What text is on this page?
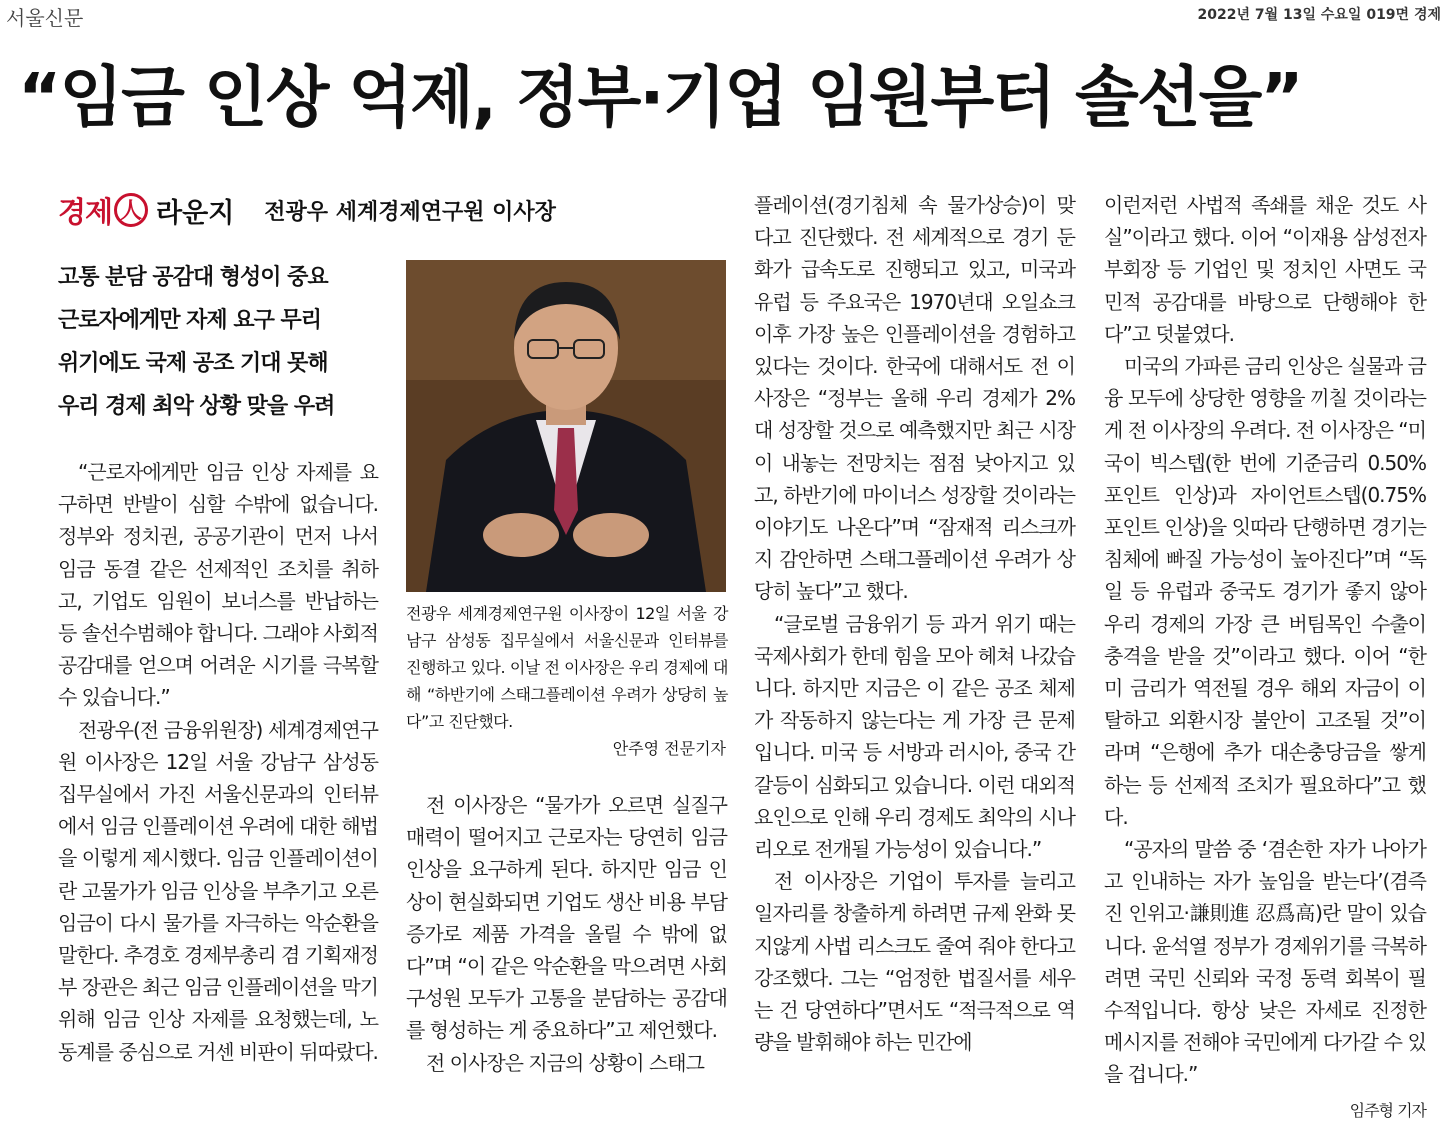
서울신문	2022년 7월 13일 수요일 019면 경제
“임금 인상 억제, 정부·기업 임원부터 솔선을”
경제 人 라운지 전광우 세계경제연구원 이사장
고통 분담 공감대 형성이 중요
근로자에게만 자제 요구 무리
위기에도 국제 공조 기대 못해
우리 경제 최악 상황 맞을 우려
전광우 세계경제연구원 이사장이 12일 서울 강남구 삼성동 집무실에서 서울신문과 인터뷰를 진행하고 있다. 이날 전 이사장은 우리 경제에 대해 “하반기에 스태그플레이션 우려가 상당히 높다”고 진단했다.
안주영 전문기자

“근로자에게만 임금 인상 자제를 요구하면 반발이 심할 수밖에 없습니다. 정부와 정치권, 공공기관이 먼저 나서 임금 동결 같은 선제적인 조치를 취하고, 기업도 임원이 보너스를 반납하는 등 솔선수범해야 합니다. 그래야 사회적 공감대를 얻으며 어려운 시기를 극복할 수 있습니다.”

전광우(전 금융위원장) 세계경제연구원 이사장은 12일 서울 강남구 삼성동 집무실에서 가진 서울신문과의 인터뷰에서 임금 인플레이션 우려에 대한 해법을 이렇게 제시했다. 임금 인플레이션이란 고물가가 임금 인상을 부추기고 오른 임금이 다시 물가를 자극하는 악순환을 말한다. 추경호 경제부총리 겸 기획재정부 장관은 최근 임금 인플레이션을 막기 위해 임금 인상 자제를 요청했는데, 노동계를 중심으로 거센 비판이 뒤따랐다.

전 이사장은 “물가가 오르면 실질구매력이 떨어지고 근로자는 당연히 임금 인상을 요구하게 된다. 하지만 임금 인상이 현실화되면 기업도 생산 비용 부담 증가로 제품 가격을 올릴 수 밖에 없다”며 “이 같은 악순환을 막으려면 사회 구성원 모두가 고통을 분담하는 공감대를 형성하는 게 중요하다”고 제언했다.

전 이사장은 지금의 상황이 스태그

플레이션(경기침체 속 물가상승)이 맞다고 진단했다. 전 세계적으로 경기 둔화가 급속도로 진행되고 있고, 미국과 유럽 등 주요국은 1970년대 오일쇼크 이후 가장 높은 인플레이션을 경험하고 있다는 것이다. 한국에 대해서도 전 이사장은 “정부는 올해 우리 경제가 2%대 성장할 것으로 예측했지만 최근 시장이 내놓는 전망치는 점점 낮아지고 있고, 하반기에 마이너스 성장할 것이라는 이야기도 나온다”며 “잠재적 리스크까지 감안하면 스태그플레이션 우려가 상당히 높다”고 했다.

“글로벌 금융위기 등 과거 위기 때는 국제사회가 한데 힘을 모아 헤쳐 나갔습니다. 하지만 지금은 이 같은 공조 체제가 작동하지 않는다는 게 가장 큰 문제입니다. 미국 등 서방과 러시아, 중국 간 갈등이 심화되고 있습니다. 이런 대외적 요인으로 인해 우리 경제도 최악의 시나리오로 전개될 가능성이 있습니다.”

전 이사장은 기업이 투자를 늘리고 일자리를 창출하게 하려면 규제 완화 못지않게 사법 리스크도 줄여 줘야 한다고 강조했다. 그는 “엄정한 법질서를 세우는 건 당연하다”면서도 “적극적으로 역량을 발휘해야 하는 민간에

이런저런 사법적 족쇄를 채운 것도 사실”이라고 했다. 이어 “이재용 삼성전자 부회장 등 기업인 및 정치인 사면도 국민적 공감대를 바탕으로 단행해야 한다”고 덧붙였다.

미국의 가파른 금리 인상은 실물과 금융 모두에 상당한 영향을 끼칠 것이라는 게 전 이사장의 우려다. 전 이사장은 “미국이 빅스텝(한 번에 기준금리 0.50% 포인트 인상)과 자이언트스텝(0.75% 포인트 인상)을 잇따라 단행하면 경기는 침체에 빠질 가능성이 높아진다”며 “독일 등 유럽과 중국도 경기가 좋지 않아 우리 경제의 가장 큰 버팀목인 수출이 충격을 받을 것”이라고 했다. 이어 “한미 금리가 역전될 경우 해외 자금이 이탈하고 외환시장 불안이 고조될 것”이라며 “은행에 추가 대손충당금을 쌓게 하는 등 선제적 조치가 필요하다”고 했다.

“공자의 말씀 중 ‘겸손한 자가 나아가고 인내하는 자가 높임을 받는다’(겸즉진 인위고·謙則進 忍爲高)란 말이 있습니다. 윤석열 정부가 경제위기를 극복하려면 국민 신뢰와 국정 동력 회복이 필수적입니다. 항상 낮은 자세로 진정한 메시지를 전해야 국민에게 다가갈 수 있을 겁니다.”

임주형 기자
